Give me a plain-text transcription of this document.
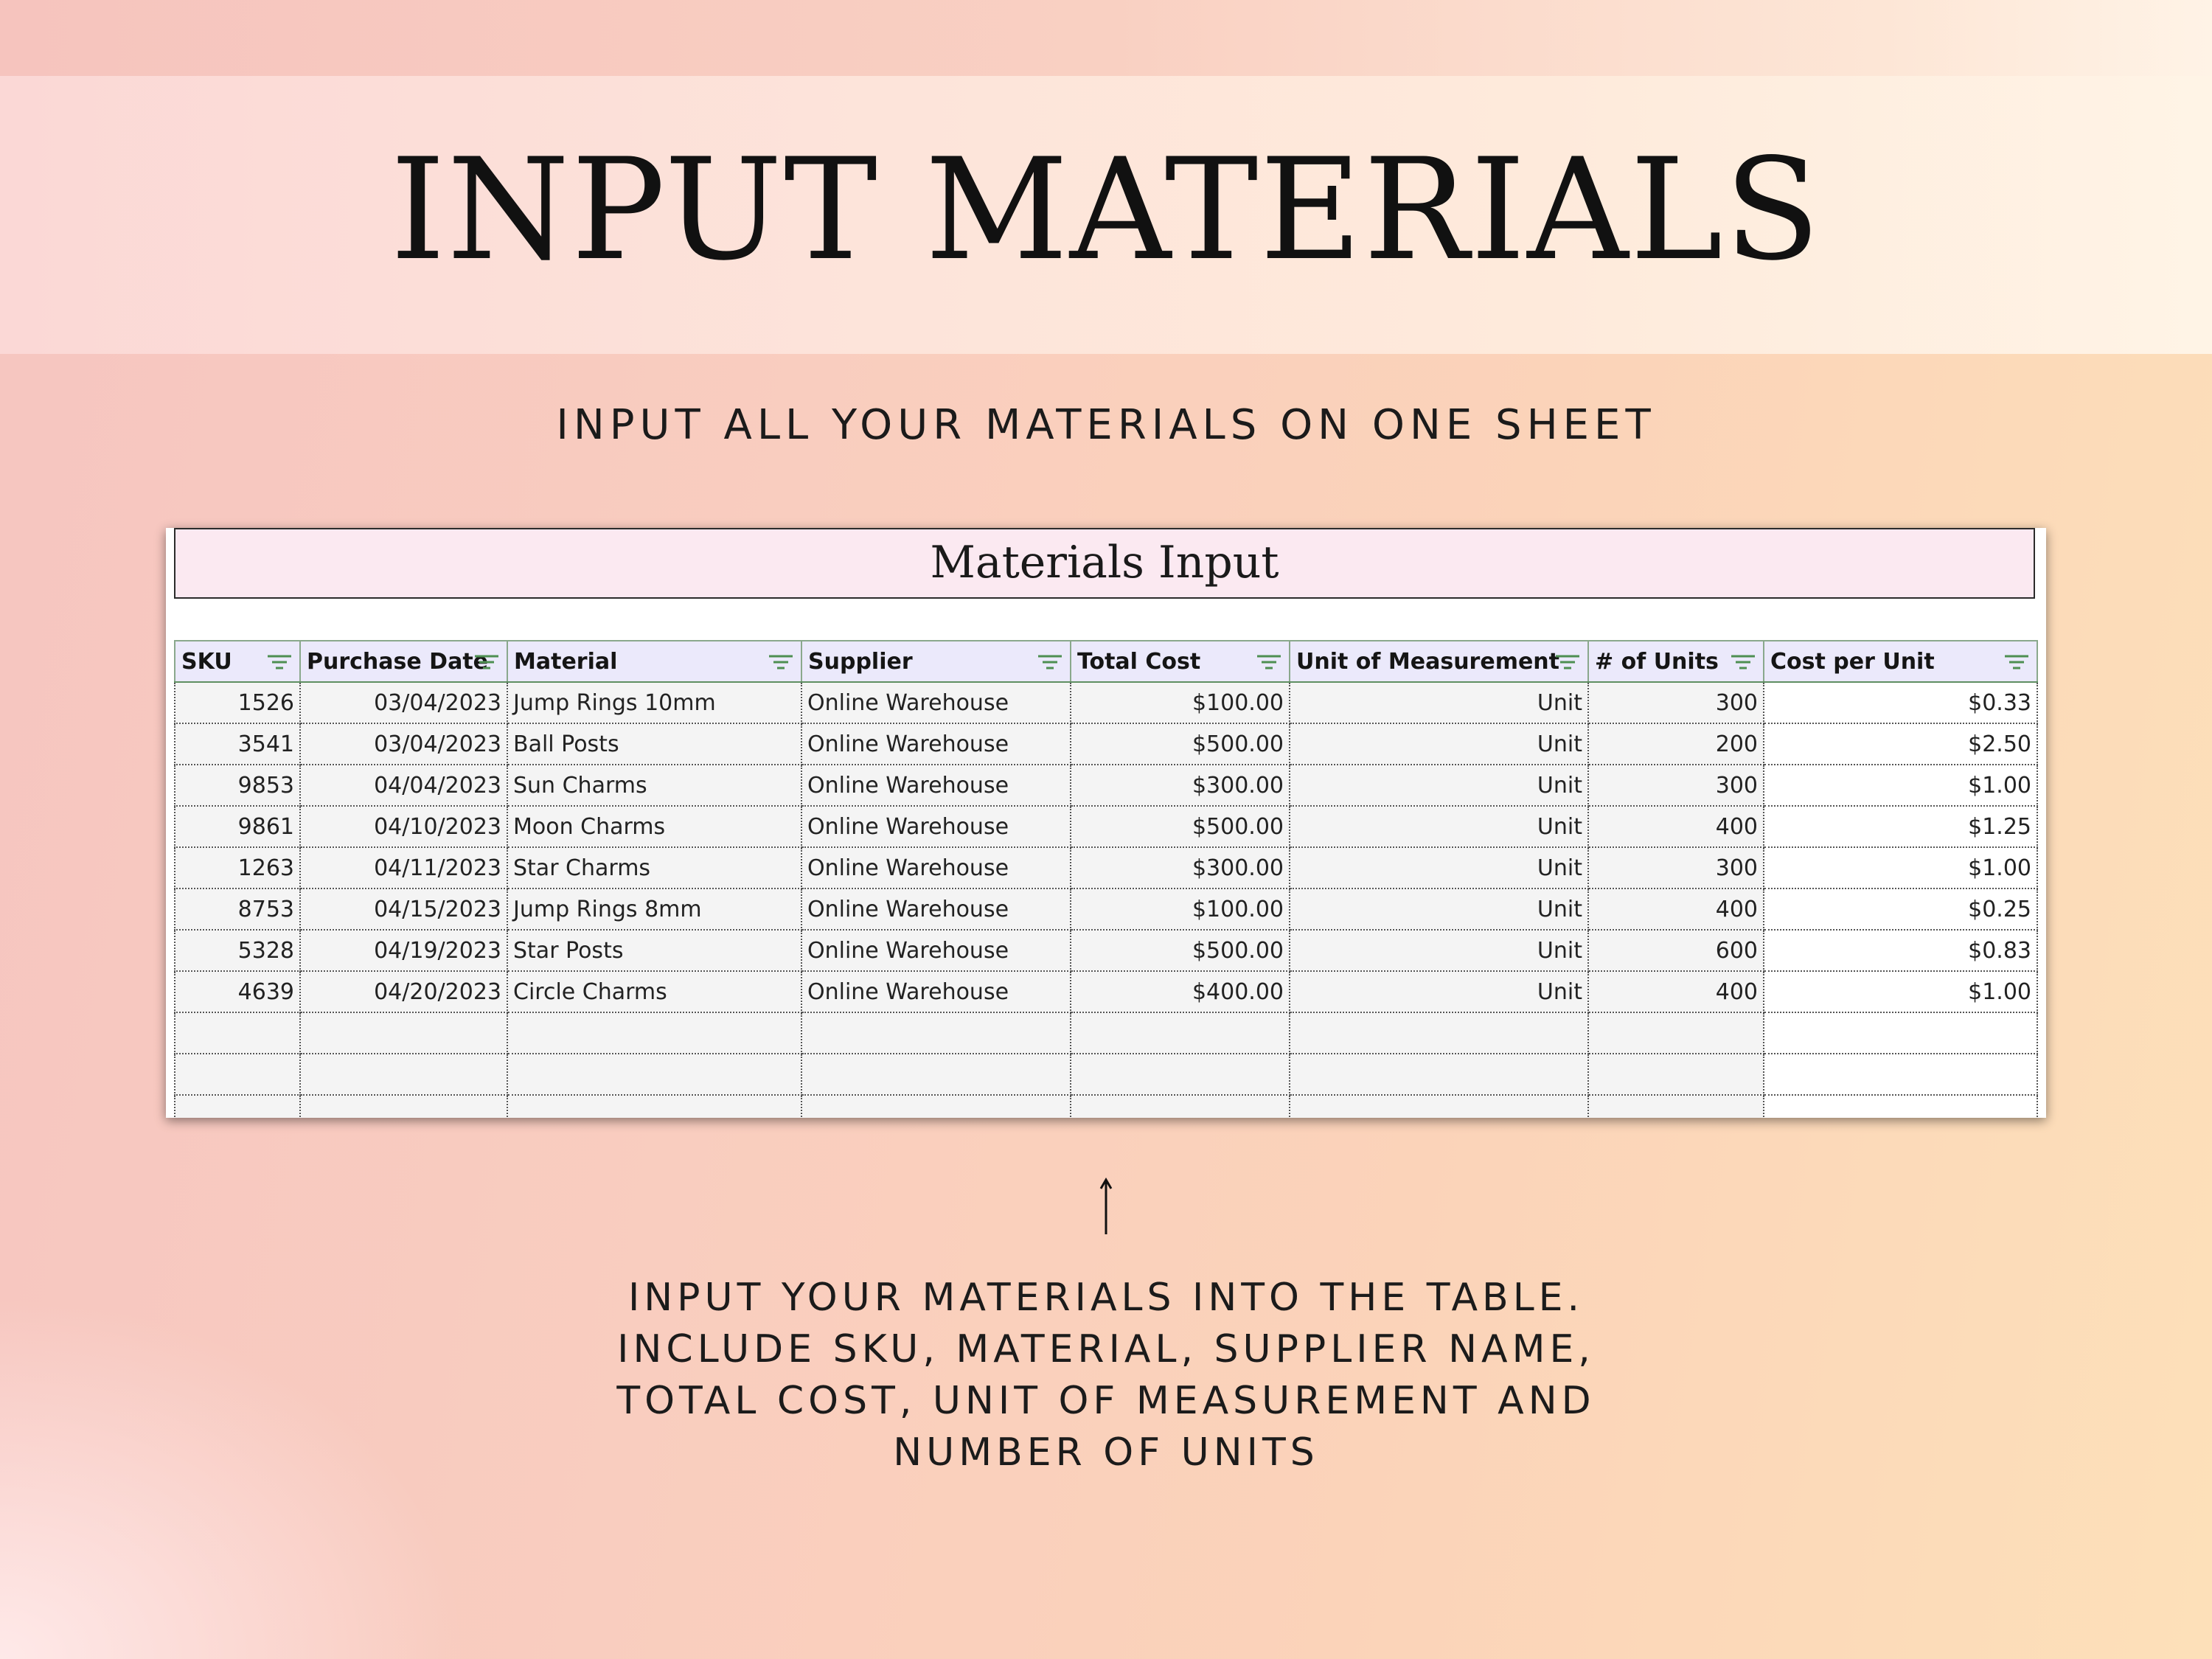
INPUT MATERIALS
INPUT ALL YOUR MATERIALS ON ONE SHEET
Materials Input
SKU	Purchase Date	Material	Supplier	Total Cost	Unit of Measurement	# of Units	Cost per Unit

1526	03/04/2023	Jump Rings 10mm	Online Warehouse	$100.00	Unit	300	$0.33
3541	03/04/2023	Ball Posts	Online Warehouse	$500.00	Unit	200	$2.50
9853	04/04/2023	Sun Charms	Online Warehouse	$300.00	Unit	300	$1.00
9861	04/10/2023	Moon Charms	Online Warehouse	$500.00	Unit	400	$1.25
1263	04/11/2023	Star Charms	Online Warehouse	$300.00	Unit	300	$1.00
8753	04/15/2023	Jump Rings 8mm	Online Warehouse	$100.00	Unit	400	$0.25
5328	04/19/2023	Star Posts	Online Warehouse	$500.00	Unit	600	$0.83
4639	04/20/2023	Circle Charms	Online Warehouse	$400.00	Unit	400	$1.00

INPUT YOUR MATERIALS INTO THE TABLE.
INCLUDE SKU, MATERIAL, SUPPLIER NAME,
TOTAL COST, UNIT OF MEASUREMENT AND
NUMBER OF UNITS
